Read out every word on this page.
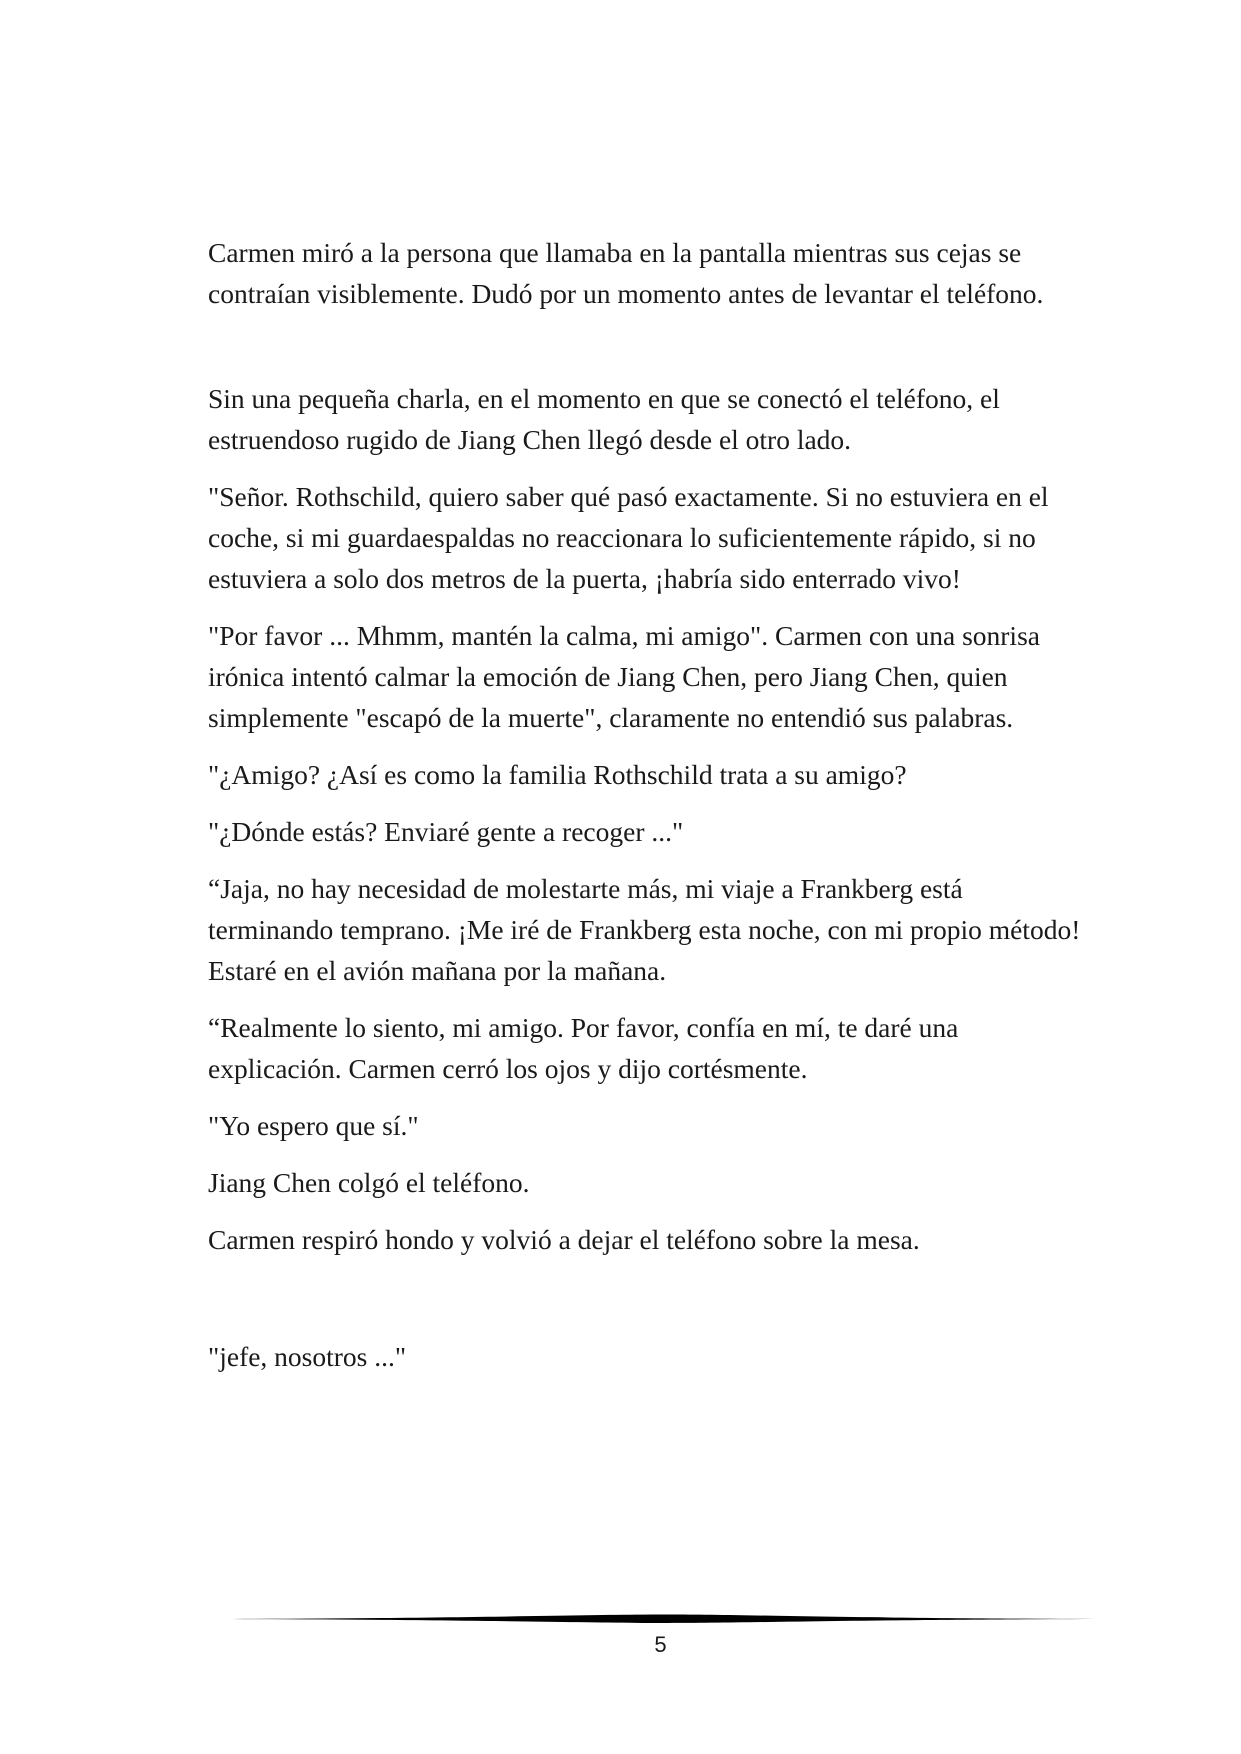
Carmen miró a la persona que llamaba en la pantalla mientras sus cejas se contraían visiblemente. Dudó por un momento antes de levantar el teléfono.

Sin una pequeña charla, en el momento en que se conectó el teléfono, el estruendoso rugido de Jiang Chen llegó desde el otro lado.

"Señor. Rothschild, quiero saber qué pasó exactamente. Si no estuviera en el coche, si mi guardaespaldas no reaccionara lo suficientemente rápido, si no estuviera a solo dos metros de la puerta, ¡habría sido enterrado vivo!

"Por favor ... Mhmm, mantén la calma, mi amigo". Carmen con una sonrisa irónica intentó calmar la emoción de Jiang Chen, pero Jiang Chen, quien simplemente "escapó de la muerte", claramente no entendió sus palabras.

"¿Amigo? ¿Así es como la familia Rothschild trata a su amigo?

"¿Dónde estás? Enviaré gente a recoger ..."

“Jaja, no hay necesidad de molestarte más, mi viaje a Frankberg está terminando temprano. ¡Me iré de Frankberg esta noche, con mi propio método! Estaré en el avión mañana por la mañana.

“Realmente lo siento, mi amigo. Por favor, confía en mí, te daré una explicación. Carmen cerró los ojos y dijo cortésmente.

"Yo espero que sí."

Jiang Chen colgó el teléfono.

Carmen respiró hondo y volvió a dejar el teléfono sobre la mesa.

"jefe, nosotros ..."

5
